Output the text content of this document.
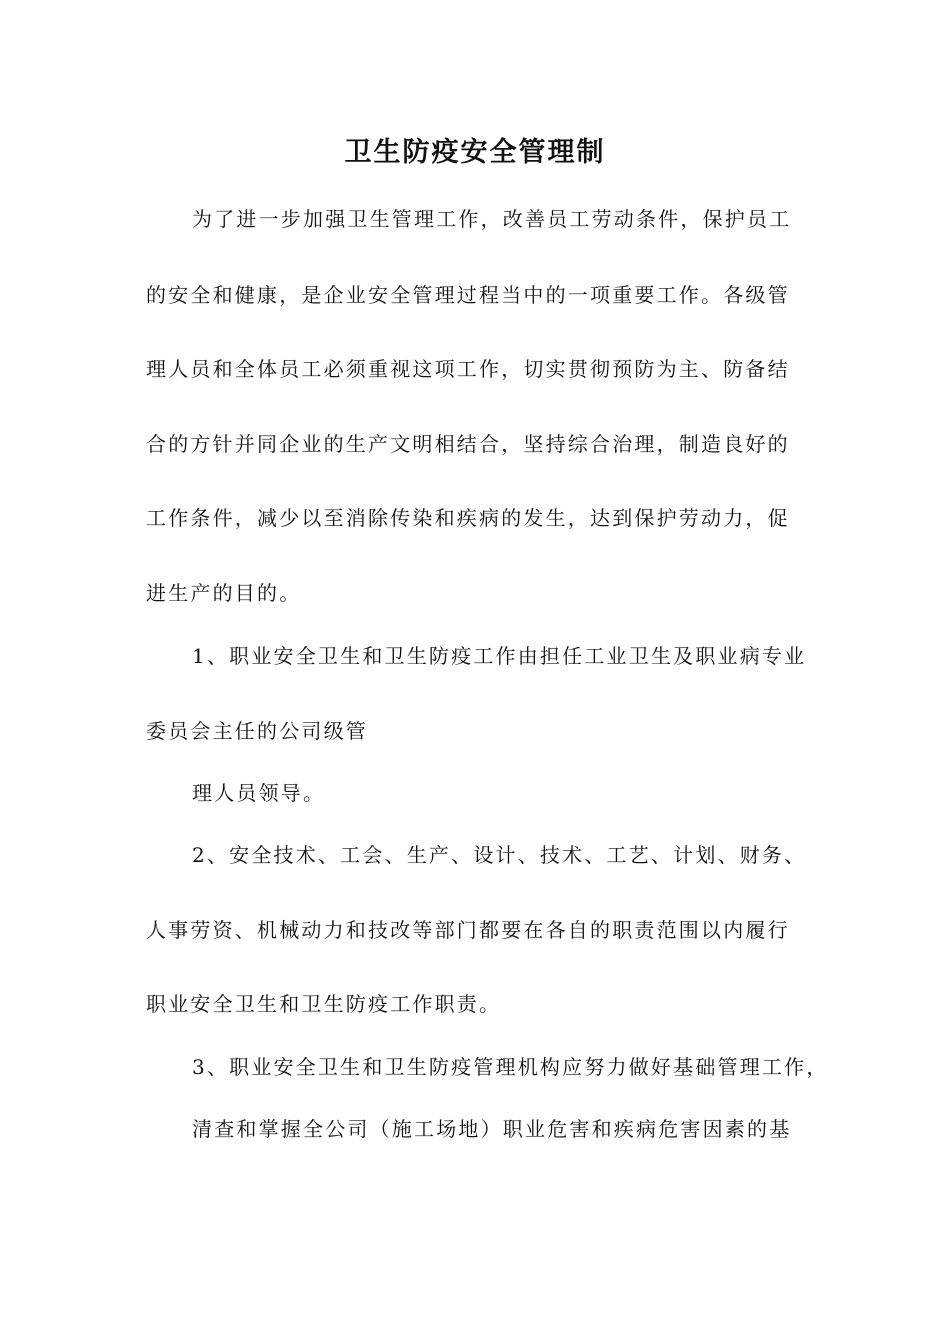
卫生防疫安全管理制

为了进一步加强卫生管理工作，改善员工劳动条件，保护员工

的安全和健康，是企业安全管理过程当中的一项重要工作。各级管

理人员和全体员工必须重视这项工作，切实贯彻预防为主、防备结

合的方针并同企业的生产文明相结合，坚持综合治理，制造良好的

工作条件，减少以至消除传染和疾病的发生，达到保护劳动力，促

进生产的目的。

1、职业安全卫生和卫生防疫工作由担任工业卫生及职业病专业

委员会主任的公司级管

理人员领导。

2、安全技术、工会、生产、设计、技术、工艺、计划、财务、

人事劳资、机械动力和技改等部门都要在各自的职责范围以内履行

职业安全卫生和卫生防疫工作职责。

3、职业安全卫生和卫生防疫管理机构应努力做好基础管理工作，

清查和掌握全公司（施工场地）职业危害和疾病危害因素的基
